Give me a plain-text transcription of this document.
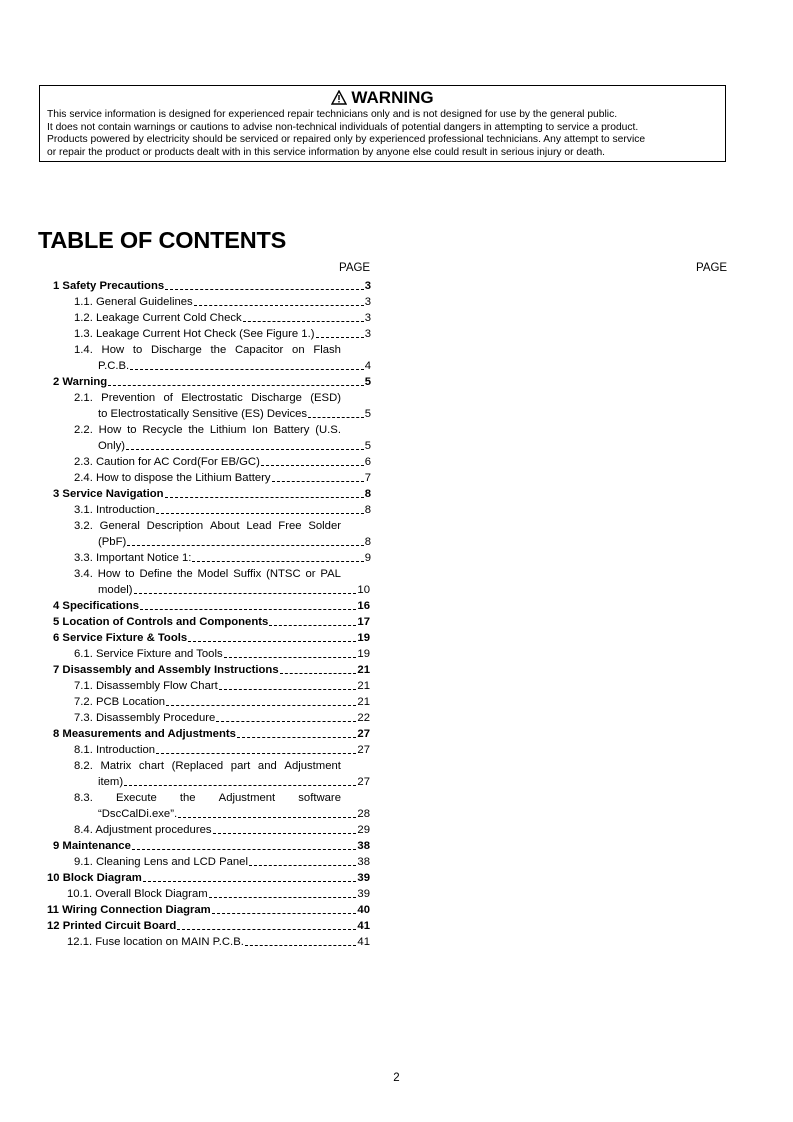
WARNING
This service information is designed for experienced repair technicians only and is not designed for use by the general public.
It does not contain warnings or cautions to advise non-technical individuals of potential dangers in attempting to service a product.
Products powered by electricity should be serviced or repaired only by experienced professional technicians. Any attempt to service
or repair the product or products dealt with in this service information by anyone else could result in serious injury or death.
TABLE OF CONTENTS
PAGE	PAGE
1 Safety Precautions	3
1.1. General Guidelines	3
1.2. Leakage Current Cold Check	3
1.3. Leakage Current Hot Check (See Figure 1.)	3
1.4. How to Discharge the Capacitor on Flash
P.C.B.	4
2 Warning	5
2.1. Prevention of Electrostatic Discharge (ESD)
to Electrostatically Sensitive (ES) Devices	5
2.2. How to Recycle the Lithium Ion Battery (U.S.
Only)	5
2.3. Caution for AC Cord(For EB/GC)	6
2.4. How to dispose the Lithium Battery	7
3 Service Navigation	8
3.1. Introduction	8
3.2. General Description About Lead Free Solder
(PbF)	8
3.3. Important Notice 1:	9
3.4. How to Define the Model Suffix (NTSC or PAL
model)	10
4 Specifications	16
5 Location of Controls and Components	17
6 Service Fixture & Tools	19
6.1. Service Fixture and Tools	19
7 Disassembly and Assembly Instructions	21
7.1. Disassembly Flow Chart	21
7.2. PCB Location	21
7.3. Disassembly Procedure	22
8 Measurements and Adjustments	27
8.1. Introduction	27
8.2. Matrix chart (Replaced part and Adjustment
item)	27
8.3. Execute the Adjustment software
“DscCalDi.exe”.	28
8.4. Adjustment procedures	29
9 Maintenance	38
9.1. Cleaning Lens and LCD Panel	38
10 Block Diagram	39
10.1. Overall Block Diagram	39
11 Wiring Connection Diagram	40
12 Printed Circuit Board	41
12.1. Fuse location on MAIN P.C.B.	41
2
